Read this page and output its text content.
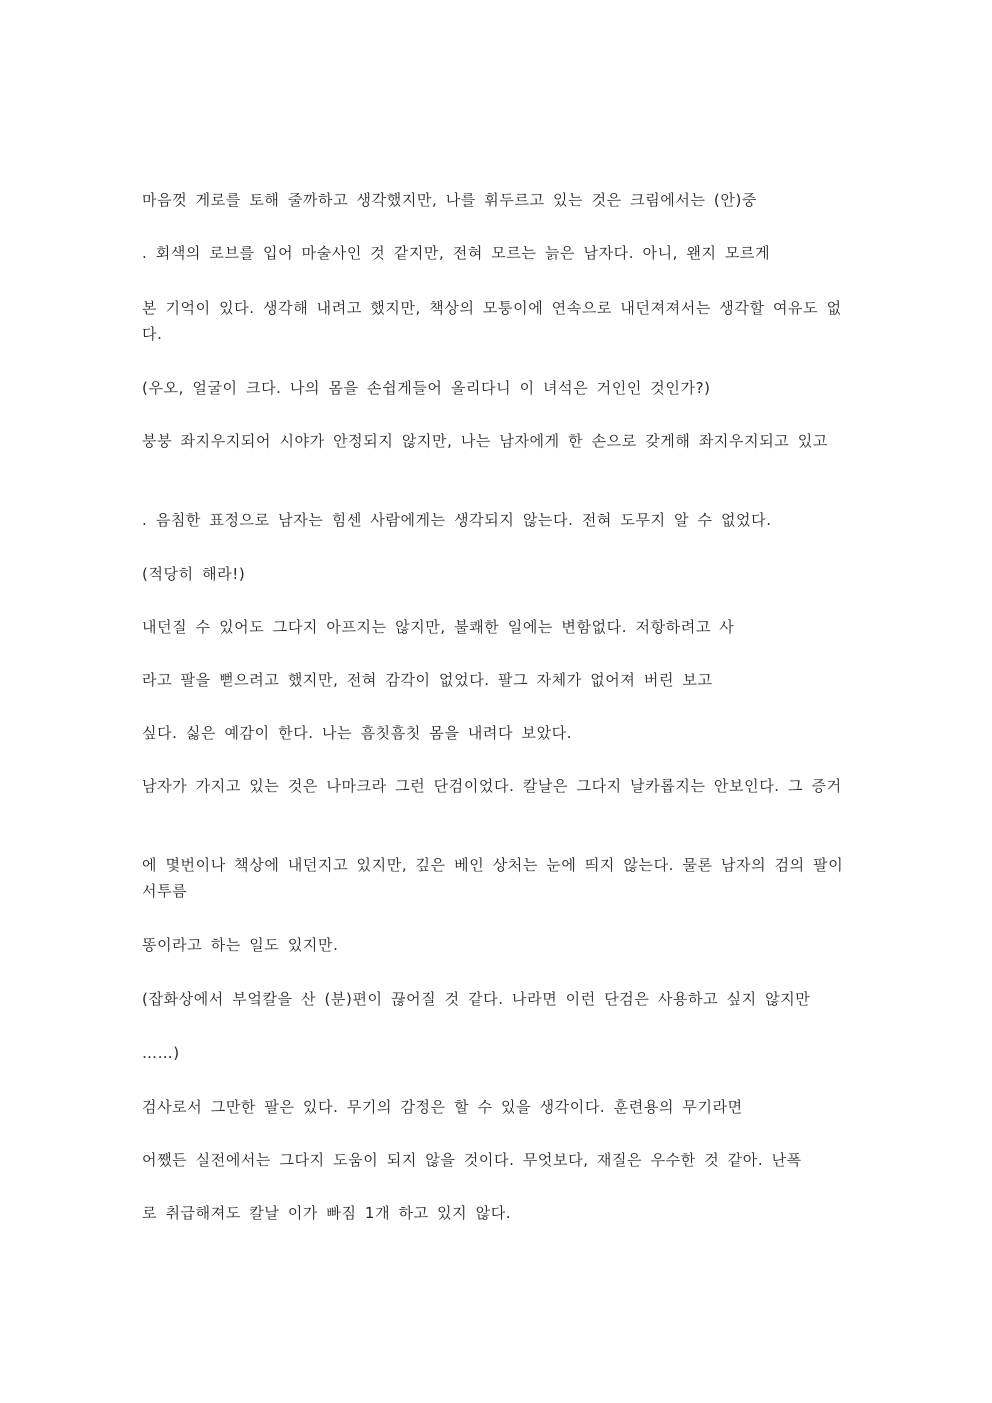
마음껏 게로를 토해 줄까하고 생각했지만, 나를 휘두르고 있는 것은 크림에서는 (안)중

. 회색의 로브를 입어 마술사인 것 같지만, 전혀 모르는 늙은 남자다. 아니, 왠지 모르게

본 기억이 있다. 생각해 내려고 했지만, 책상의 모퉁이에 연속으로 내던져져서는 생각할 여유도 없다.

(우오, 얼굴이 크다. 나의 몸을 손쉽게들어 올리다니 이 녀석은 거인인 것인가?)

붕붕 좌지우지되어 시야가 안정되지 않지만, 나는 남자에게 한 손으로 갖게해 좌지우지되고 있고

. 음침한 표정으로 남자는 힘센 사람에게는 생각되지 않는다. 전혀 도무지 알 수 없었다.

(적당히 해라!)

내던질 수 있어도 그다지 아프지는 않지만, 불쾌한 일에는 변함없다. 저항하려고 사

라고 팔을 뻗으려고 했지만, 전혀 감각이 없었다. 팔그 자체가 없어져 버린 보고

싶다. 싫은 예감이 한다. 나는 흠칫흠칫 몸을 내려다 보았다.

남자가 가지고 있는 것은 나마크라 그런 단검이었다. 칼날은 그다지 날카롭지는 안보인다. 그 증거

에 몇번이나 책상에 내던지고 있지만, 깊은 베인 상처는 눈에 띄지 않는다. 물론 남자의 검의 팔이 서투름

똥이라고 하는 일도 있지만.

(잡화상에서 부엌칼을 산 (분)편이 끊어질 것 같다. 나라면 이런 단검은 사용하고 싶지 않지만

……)

검사로서 그만한 팔은 있다. 무기의 감정은 할 수 있을 생각이다. 훈련용의 무기라면

어쨌든 실전에서는 그다지 도움이 되지 않을 것이다. 무엇보다, 재질은 우수한 것 같아. 난폭

로 취급해져도 칼날 이가 빠짐 1개 하고 있지 않다.
